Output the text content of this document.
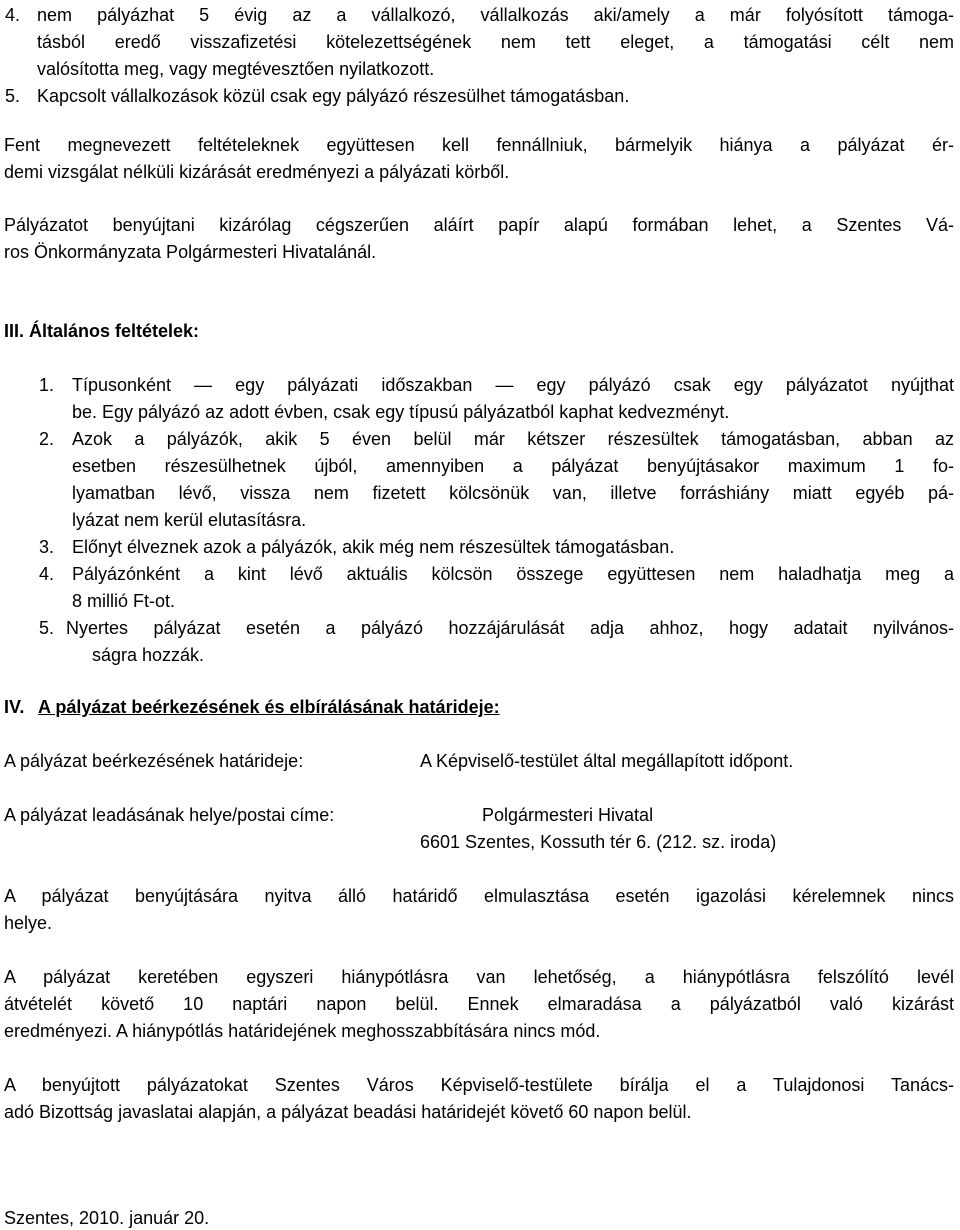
4. nem pályázhat 5 évig az a vállalkozó, vállalkozás aki/amely a már folyósított támoga-
tásból eredő visszafizetési kötelezettségének nem tett eleget, a támogatási célt nem
valósította meg, vagy megtévesztően nyilatkozott.
5. Kapcsolt vállalkozások közül csak egy pályázó részesülhet támogatásban.
Fent megnevezett feltételeknek együttesen kell fennállniuk, bármelyik hiánya a pályázat ér-
demi vizsgálat nélküli kizárását eredményezi a pályázati körből.
Pályázatot benyújtani kizárólag cégszerűen aláírt papír alapú formában lehet, a Szentes Vá-
ros Önkormányzata Polgármesteri Hivatalánál.
III. Általános feltételek:
1. Típusonként — egy pályázati időszakban — egy pályázó csak egy pályázatot nyújthat
be. Egy pályázó az adott évben, csak egy típusú pályázatból kaphat kedvezményt.
2. Azok a pályázók, akik 5 éven belül már kétszer részesültek támogatásban, abban az
esetben részesülhetnek újból, amennyiben a pályázat benyújtásakor maximum 1 fo-
lyamatban lévő, vissza nem fizetett kölcsönük van, illetve forráshiány miatt egyéb pá-
lyázat nem kerül elutasításra.
3. Előnyt élveznek azok a pályázók, akik még nem részesültek támogatásban.
4. Pályázónként a kint lévő aktuális kölcsön összege együttesen nem haladhatja meg a
8 millió Ft-ot.
5. Nyertes pályázat esetén a pályázó hozzájárulását adja ahhoz, hogy adatait nyilvános-
ságra hozzák.
IV. A pályázat beérkezésének és elbírálásának határideje:
A pályázat beérkezésének határideje:	A Képviselő-testület által megállapított időpont.
A pályázat leadásának helye/postai címe:	Polgármesteri Hivatal
6601 Szentes, Kossuth tér 6. (212. sz. iroda)
A pályázat benyújtására nyitva álló határidő elmulasztása esetén igazolási kérelemnek nincs
helye.
A pályázat keretében egyszeri hiánypótlásra van lehetőség, a hiánypótlásra felszólító levél
átvételét követő 10 naptári napon belül. Ennek elmaradása a pályázatból való kizárást
eredményezi. A hiánypótlás határidejének meghosszabbítására nincs mód.
A benyújtott pályázatokat Szentes Város Képviselő-testülete bírálja el a Tulajdonosi Tanács-
adó Bizottság javaslatai alapján, a pályázat beadási határidejét követő 60 napon belül.
Szentes, 2010. január 20.
